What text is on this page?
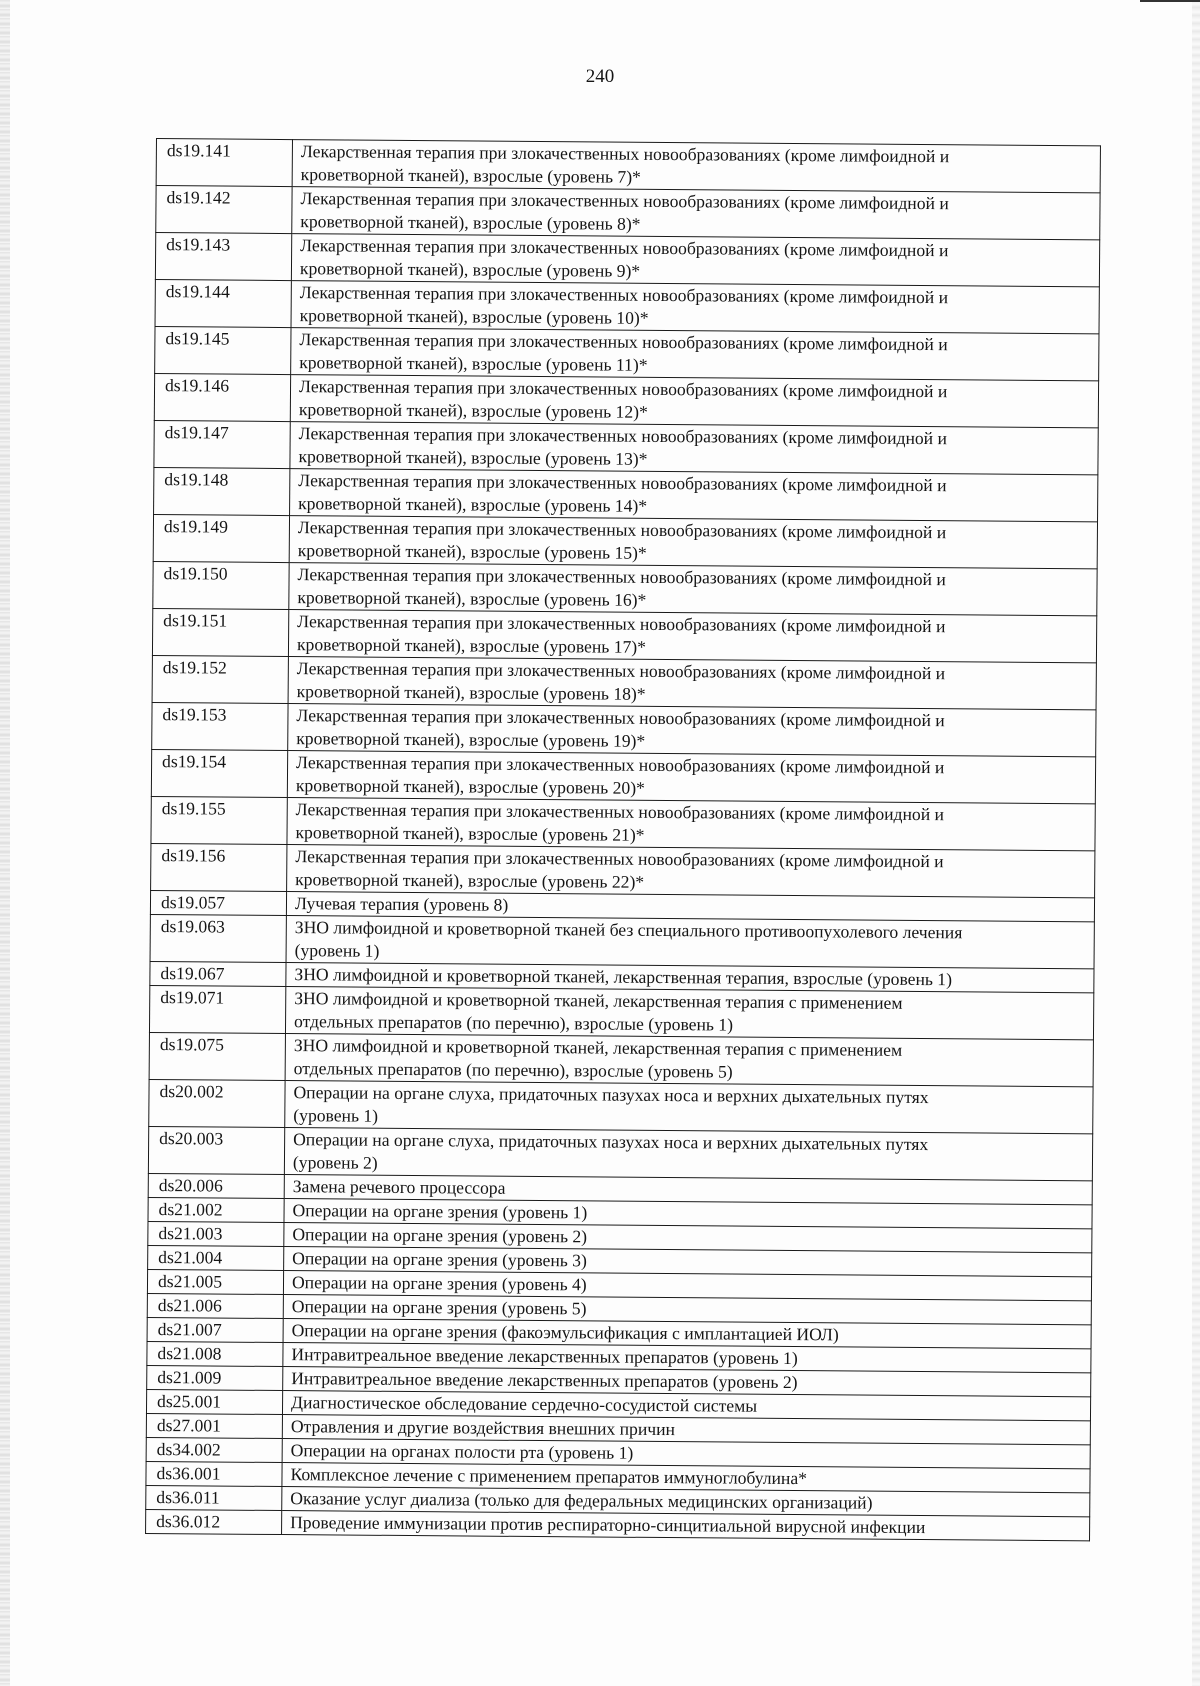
240
ds19.141	Лекарственная терапия при злокачественных новообразованиях (кроме лимфоидной и
кроветворной тканей), взрослые (уровень 7)*

ds19.142	Лекарственная терапия при злокачественных новообразованиях (кроме лимфоидной и
кроветворной тканей), взрослые (уровень 8)*

ds19.143	Лекарственная терапия при злокачественных новообразованиях (кроме лимфоидной и
кроветворной тканей), взрослые (уровень 9)*

ds19.144	Лекарственная терапия при злокачественных новообразованиях (кроме лимфоидной и
кроветворной тканей), взрослые (уровень 10)*

ds19.145	Лекарственная терапия при злокачественных новообразованиях (кроме лимфоидной и
кроветворной тканей), взрослые (уровень 11)*

ds19.146	Лекарственная терапия при злокачественных новообразованиях (кроме лимфоидной и
кроветворной тканей), взрослые (уровень 12)*

ds19.147	Лекарственная терапия при злокачественных новообразованиях (кроме лимфоидной и
кроветворной тканей), взрослые (уровень 13)*

ds19.148	Лекарственная терапия при злокачественных новообразованиях (кроме лимфоидной и
кроветворной тканей), взрослые (уровень 14)*

ds19.149	Лекарственная терапия при злокачественных новообразованиях (кроме лимфоидной и
кроветворной тканей), взрослые (уровень 15)*

ds19.150	Лекарственная терапия при злокачественных новообразованиях (кроме лимфоидной и
кроветворной тканей), взрослые (уровень 16)*

ds19.151	Лекарственная терапия при злокачественных новообразованиях (кроме лимфоидной и
кроветворной тканей), взрослые (уровень 17)*

ds19.152	Лекарственная терапия при злокачественных новообразованиях (кроме лимфоидной и
кроветворной тканей), взрослые (уровень 18)*

ds19.153	Лекарственная терапия при злокачественных новообразованиях (кроме лимфоидной и
кроветворной тканей), взрослые (уровень 19)*

ds19.154	Лекарственная терапия при злокачественных новообразованиях (кроме лимфоидной и
кроветворной тканей), взрослые (уровень 20)*

ds19.155	Лекарственная терапия при злокачественных новообразованиях (кроме лимфоидной и
кроветворной тканей), взрослые (уровень 21)*

ds19.156	Лекарственная терапия при злокачественных новообразованиях (кроме лимфоидной и
кроветворной тканей), взрослые (уровень 22)*

ds19.057	Лучевая терапия (уровень 8)

ds19.063	ЗНО лимфоидной и кроветворной тканей без специального противоопухолевого лечения
(уровень 1)

ds19.067	ЗНО лимфоидной и кроветворной тканей, лекарственная терапия, взрослые (уровень 1)

ds19.071	ЗНО лимфоидной и кроветворной тканей, лекарственная терапия с применением
отдельных препаратов (по перечню), взрослые (уровень 1)

ds19.075	ЗНО лимфоидной и кроветворной тканей, лекарственная терапия с применением
отдельных препаратов (по перечню), взрослые (уровень 5)

ds20.002	Операции на органе слуха, придаточных пазухах носа и верхних дыхательных путях
(уровень 1)

ds20.003	Операции на органе слуха, придаточных пазухах носа и верхних дыхательных путях
(уровень 2)

ds20.006	Замена речевого процессора

ds21.002	Операции на органе зрения (уровень 1)

ds21.003	Операции на органе зрения (уровень 2)

ds21.004	Операции на органе зрения (уровень 3)

ds21.005	Операции на органе зрения (уровень 4)

ds21.006	Операции на органе зрения (уровень 5)

ds21.007	Операции на органе зрения (факоэмульсификация с имплантацией ИОЛ)

ds21.008	Интравитреальное введение лекарственных препаратов (уровень 1)

ds21.009	Интравитреальное введение лекарственных препаратов (уровень 2)

ds25.001	Диагностическое обследование сердечно-сосудистой системы

ds27.001	Отравления и другие воздействия внешних причин

ds34.002	Операции на органах полости рта (уровень 1)

ds36.001	Комплексное лечение с применением препаратов иммуноглобулина*

ds36.011	Оказание услуг диализа (только для федеральных медицинских организаций)

ds36.012	Проведение иммунизации против респираторно-синцитиальной вирусной инфекции
